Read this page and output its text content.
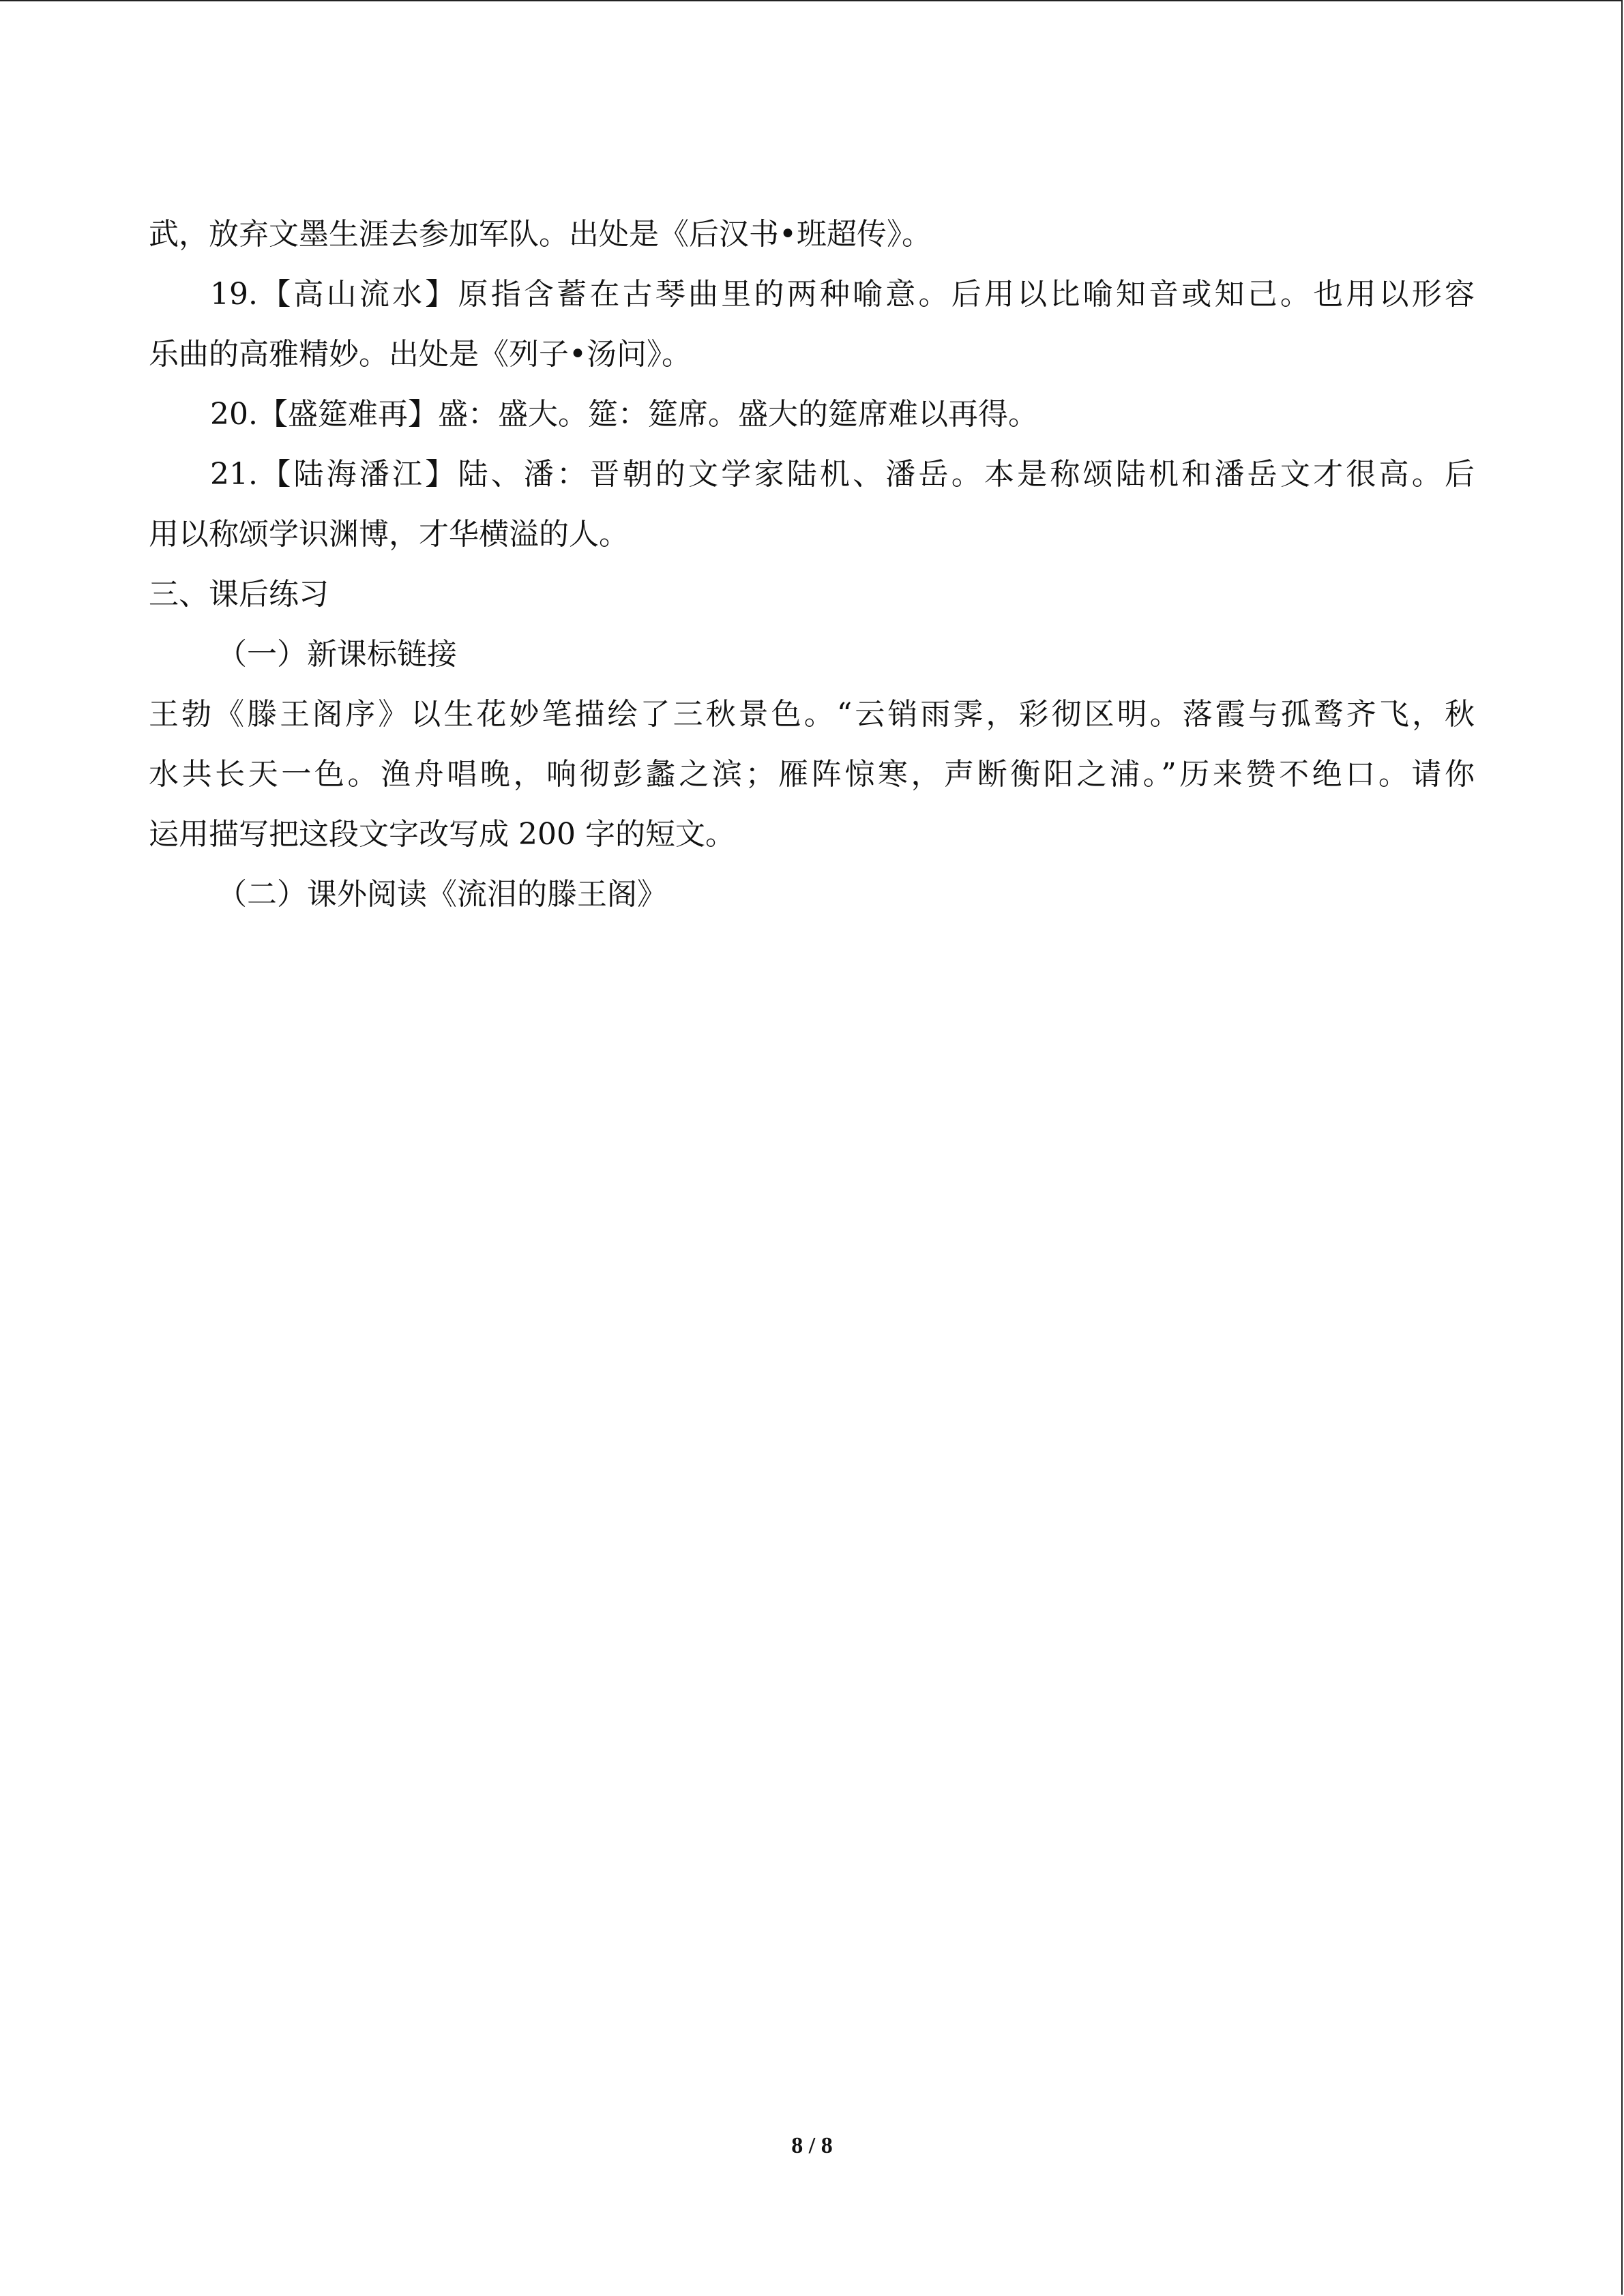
武，放弃文墨生涯去参加军队。出处是《后汉书•班超传》。
19.【高山流水】原指含蓄在古琴曲里的两种喻意。后用以比喻知音或知己。也用以形容
乐曲的高雅精妙。出处是《列子•汤问》。
20.【盛筵难再】盛：盛大。筵：筵席。盛大的筵席难以再得。
21.【陆海潘江】陆、潘：晋朝的文学家陆机、潘岳。本是称颂陆机和潘岳文才很高。后
用以称颂学识渊博，才华横溢的人。
三、课后练习
（一）新课标链接
王勃《滕王阁序》以生花妙笔描绘了三秋景色。“云销雨霁，彩彻区明。落霞与孤鹜齐飞，秋
水共长天一色。渔舟唱晚，响彻彭蠡之滨；雁阵惊寒，声断衡阳之浦。”历来赞不绝口。请你
运用描写把这段文字改写成 200 字的短文。
（二）课外阅读《流泪的滕王阁》
8 / 8
